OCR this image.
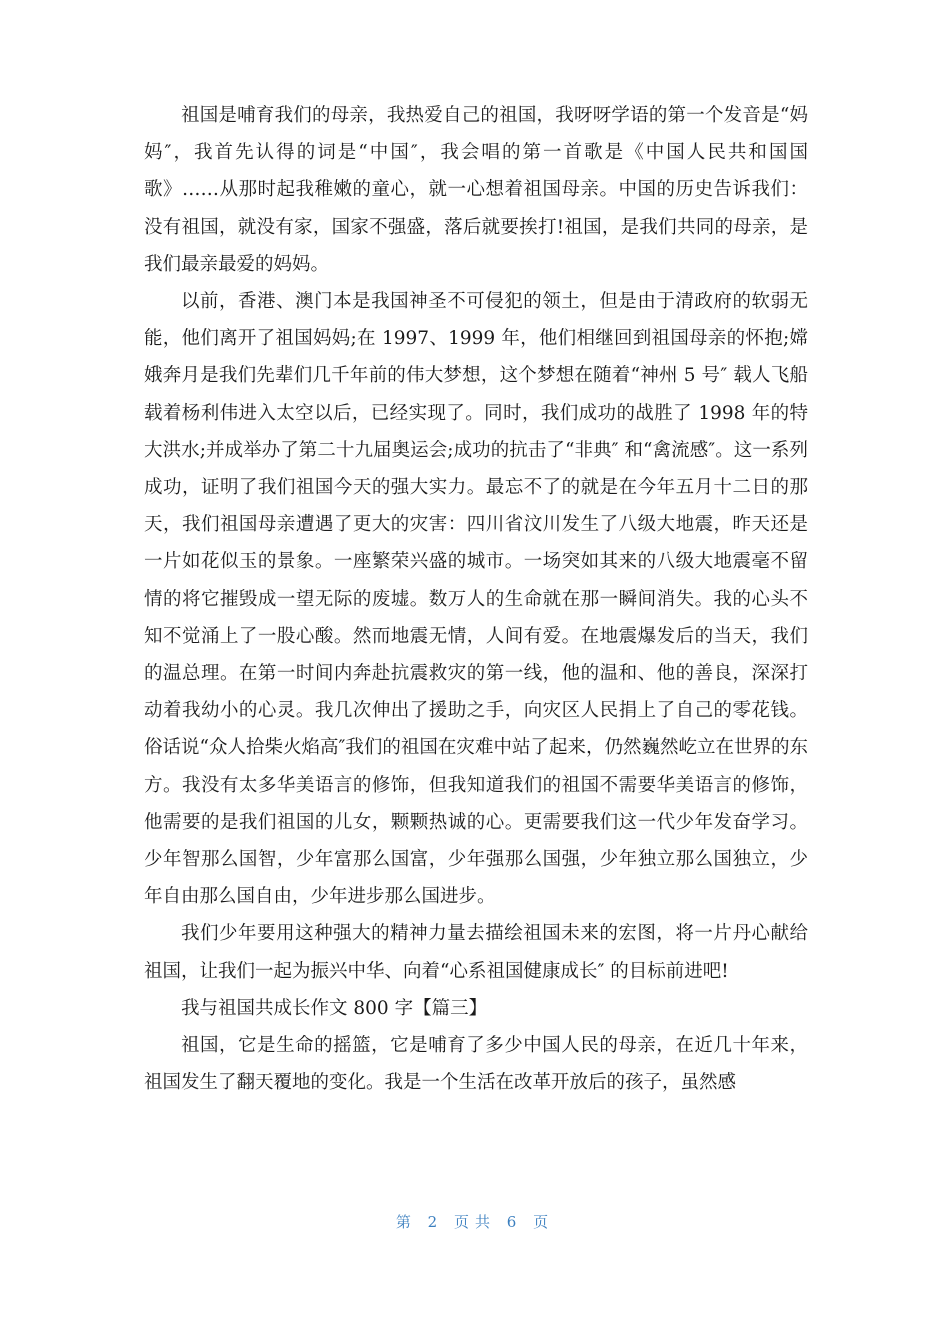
祖国是哺育我们的母亲，我热爱自己的祖国，我呀呀学语的第一个发音是“妈妈″，我首先认得的词是“中国″，我会唱的第一首歌是《中国人民共和国国歌》……从那时起我稚嫩的童心，就一心想着祖国母亲。中国的历史告诉我们：没有祖国，就没有家，国家不强盛，落后就要挨打!祖国，是我们共同的母亲，是我们最亲最爱的妈妈。

以前，香港、澳门本是我国神圣不可侵犯的领土，但是由于清政府的软弱无能，他们离开了祖国妈妈;在 1997、1999 年，他们相继回到祖国母亲的怀抱;嫦娥奔月是我们先辈们几千年前的伟大梦想，这个梦想在随着“神州 5 号″ 载人飞船载着杨利伟进入太空以后，已经实现了。同时，我们成功的战胜了 1998 年的特大洪水;并成举办了第二十九届奥运会;成功的抗击了“非典″ 和“禽流感″。这一系列成功，证明了我们祖国今天的强大实力。最忘不了的就是在今年五月十二日的那天，我们祖国母亲遭遇了更大的灾害：四川省汶川发生了八级大地震，昨天还是一片如花似玉的景象。一座繁荣兴盛的城市。一场突如其来的八级大地震毫不留情的将它摧毁成一望无际的废墟。数万人的生命就在那一瞬间消失。我的心头不知不觉涌上了一股心酸。然而地震无情，人间有爱。在地震爆发后的当天，我们的温总理。在第一时间内奔赴抗震救灾的第一线，他的温和、他的善良，深深打动着我幼小的心灵。我几次伸出了援助之手，向灾区人民捐上了自己的零花钱。俗话说“众人拾柴火焰高″我们的祖国在灾难中站了起来，仍然巍然屹立在世界的东方。我没有太多华美语言的修饰，但我知道我们的祖国不需要华美语言的修饰，他需要的是我们祖国的儿女，颗颗热诚的心。更需要我们这一代少年发奋学习。少年智那么国智，少年富那么国富，少年强那么国强，少年独立那么国独立，少年自由那么国自由，少年进步那么国进步。

我们少年要用这种强大的精神力量去描绘祖国未来的宏图，将一片丹心献给祖国，让我们一起为振兴中华、向着“心系祖国健康成长″ 的目标前进吧!

我与祖国共成长作文 800 字【篇三】

祖国，它是生命的摇篮，它是哺育了多少中国人民的母亲，在近几十年来，祖国发生了翻天覆地的变化。我是一个生活在改革开放后的孩子，虽然感

第 2 页共 6 页
